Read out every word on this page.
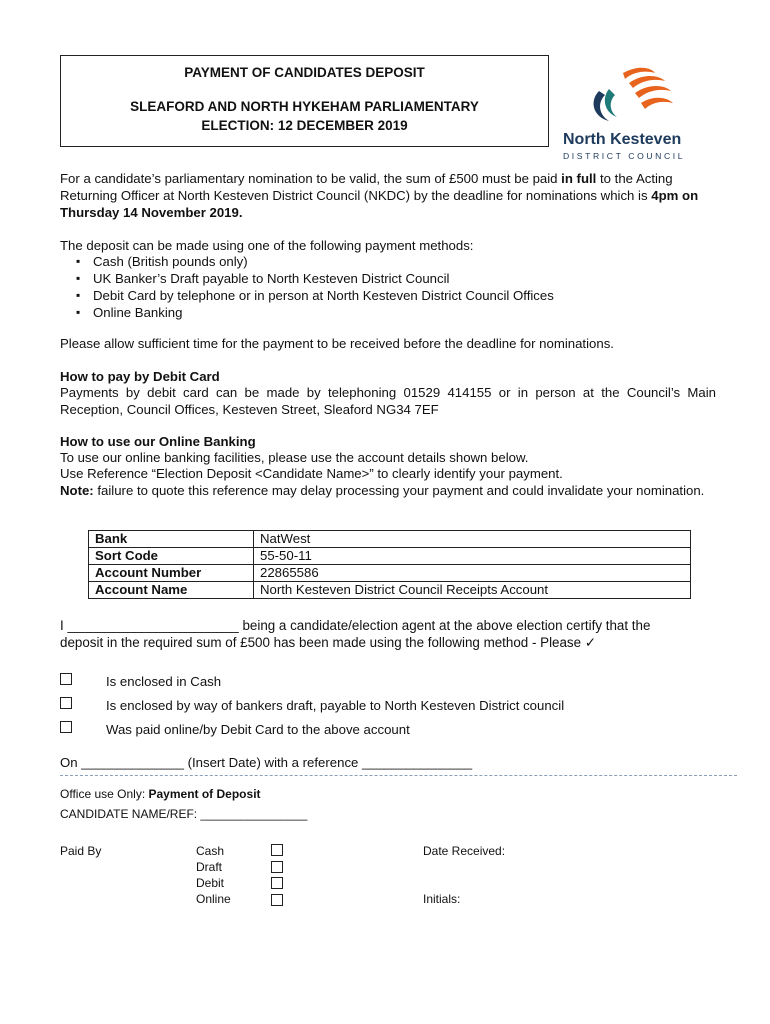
PAYMENT OF CANDIDATES DEPOSIT
SLEAFORD AND NORTH HYKEHAM PARLIAMENTARY
ELECTION: 12 DECEMBER 2019
North Kesteven
DISTRICT COUNCIL

For a candidate’s parliamentary nomination to be valid, the sum of £500 must be paid in full to the Acting Returning Officer at North Kesteven District Council (NKDC) by the deadline for nominations which is 4pm on Thursday 14 November 2019.

The deposit can be made using one of the following payment methods:

▪ Cash (British pounds only)
▪ UK Banker’s Draft payable to North Kesteven District Council
▪ Debit Card by telephone or in person at North Kesteven District Council Offices
▪ Online Banking

Please allow sufficient time for the payment to be received before the deadline for nominations.

How to pay by Debit Card

Payments by debit card can be made by telephoning 01529 414155 or in person at the Council’s Main Reception, Council Offices, Kesteven Street, Sleaford NG34 7EF

How to use our Online Banking

To use our online banking facilities, please use the account details shown below.

Use Reference “Election Deposit <Candidate Name>” to clearly identify your payment.

Note: failure to quote this reference may delay processing your payment and could invalidate your nomination.

Bank	NatWest
Sort Code	55-50-11
Account Number	22865586
Account Name	North Kesteven District Council Receipts Account

I _______________________ being a candidate/election agent at the above election certify that the

deposit in the required sum of £500 has been made using the following method - Please ✓

Is enclosed in Cash

Is enclosed by way of bankers draft, payable to North Kesteven District council

Was paid online/by Debit Card to the above account

On ______________ (Insert Date) with a reference _______________

Office use Only: Payment of Deposit

CANDIDATE NAME/REF: ________________

Paid By	Cash

Draft

Debit

Online

Date Received:

Initials:
